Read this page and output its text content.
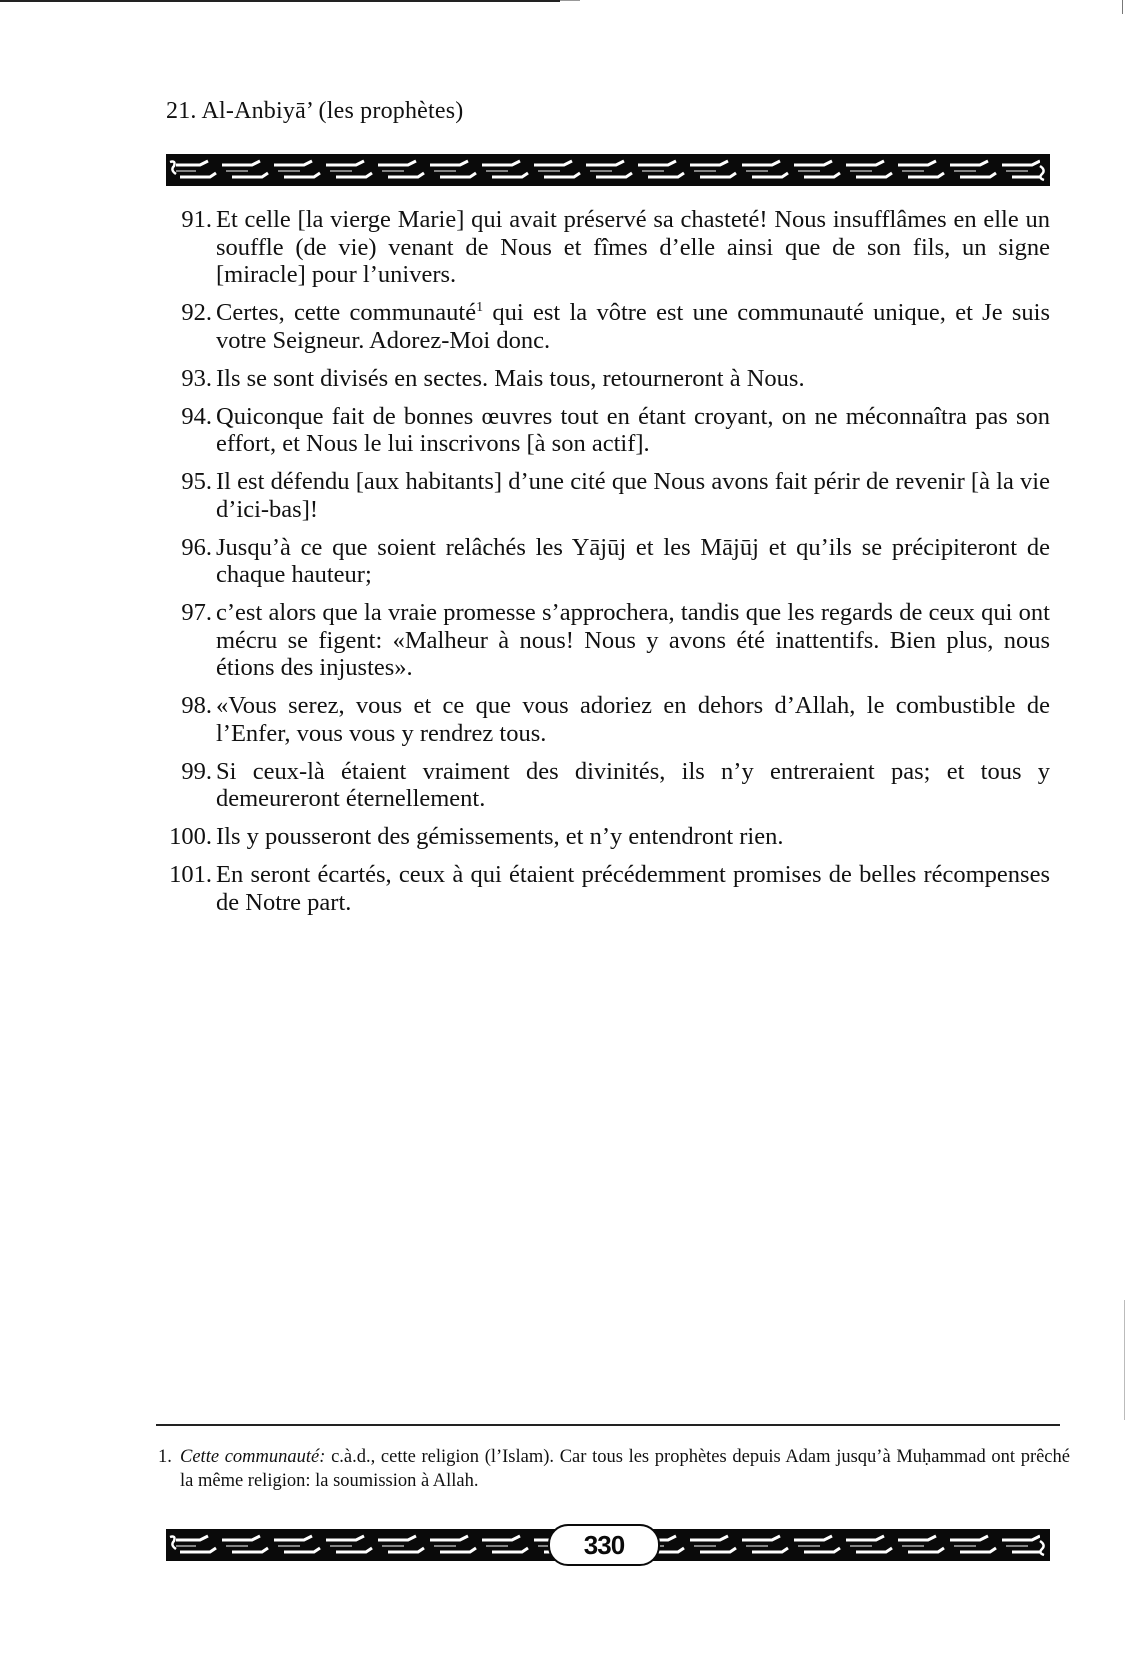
21. Al-Anbiyā’ (les prophètes)
91. Et celle [la vierge Marie] qui avait préservé sa chasteté! Nous insufflâmes en elle un souffle (de vie) venant de Nous et fîmes d’elle ainsi que de son fils, un signe [miracle] pour l’univers.
92. Certes, cette communauté$^1$ qui est la vôtre est une communauté unique, et Je suis votre Seigneur. Adorez-Moi donc.
93. Ils se sont divisés en sectes. Mais tous, retourneront à Nous.
94. Quiconque fait de bonnes œuvres tout en étant croyant, on ne méconnaîtra pas son effort, et Nous le lui inscrivons [à son actif].
95. Il est défendu [aux habitants] d’une cité que Nous avons fait périr de revenir [à la vie d’ici-bas]!
96. Jusqu’à ce que soient relâchés les Yājūj et les Mājūj et qu’ils se précipiteront de chaque hauteur;
97. c’est alors que la vraie promesse s’approchera, tandis que les regards de ceux qui ont mécru se figent: «Malheur à nous! Nous y avons été inattentifs. Bien plus, nous étions des injustes».
98. «Vous serez, vous et ce que vous adoriez en dehors d’Allah, le combustible de l’Enfer, vous vous y rendrez tous.
99. Si ceux-là étaient vraiment des divinités, ils n’y entreraient pas; et tous y demeureront éternellement.
100. Ils y pousseront des gémissements, et n’y entendront rien.
101. En seront écartés, ceux à qui étaient précédemment promises de belles récompenses de Notre part.
1. Cette communauté: c.à.d., cette religion (l’Islam). Car tous les prophètes depuis Adam jusqu’à Muḥammad ont prêché la même religion: la soumission à Allah.
330
